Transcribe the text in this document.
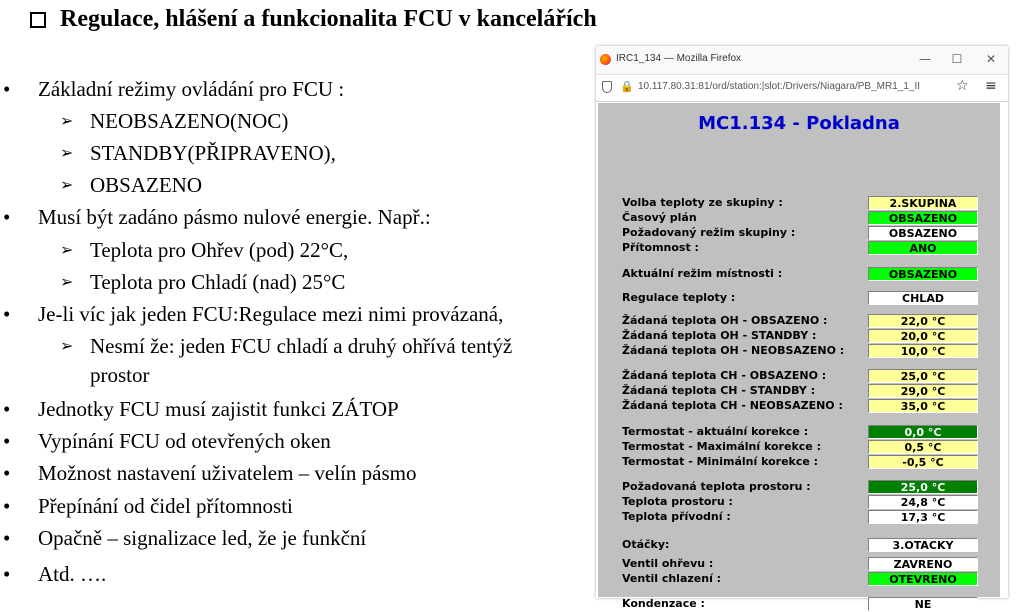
Regulace, hlášení a funkcionalita FCU v kancelářích
•	Základní režimy ovládání pro FCU :
➢ NEOBSAZENO(NOC)
➢ STANDBY(PŘIPRAVENO),
➢ OBSAZENO
•	Musí být zadáno pásmo nulové energie. Např.:
➢ Teplota pro Ohřev (pod) 22°C,
➢ Teplota pro Chladí (nad) 25°C
•	Je-li víc jak jeden FCU:Regulace mezi nimi provázaná,
➢ Nesmí že: jeden FCU chladí a druhý ohřívá tentýž
prostor
•	Jednotky FCU musí zajistit funkci ZÁTOP
•	Vypínání FCU od otevřených oken
•	Možnost nastavení uživatelem – velín pásmo
•	Přepínání od čidel přítomnosti
•	Opačně – signalizace led, že je funkční
•	Atd. ….
IRC1_134 — Mozilla Firefox	—	☐	✕
🔒 10.117.80.31:81/ord/station:|slot:/Drivers/Niagara/PB_MR1_1_II	☆ ≡
MC1.134 - Pokladna
Volba teploty ze skupiny :	2.SKUPINA
Časový plán	OBSAZENO
Požadovaný režim skupiny :	OBSAZENO
Přítomnost :	ANO
Aktuální režim místnosti :	OBSAZENO
Regulace teploty :	CHLAD
Žádaná teplota OH - OBSAZENO :	22,0 °C
Žádaná teplota OH - STANDBY :	20,0 °C
Žádaná teplota OH - NEOBSAZENO :	10,0 °C
Žádaná teplota CH - OBSAZENO :	25,0 °C
Žádaná teplota CH - STANDBY :	29,0 °C
Žádaná teplota CH - NEOBSAZENO :	35,0 °C
Termostat - aktuální korekce :	0,0 °C
Termostat - Maximální korekce :	0,5 °C
Termostat - Minimální korekce :	-0,5 °C
Požadovaná teplota prostoru :	25,0 °C
Teplota prostoru :	24,8 °C
Teplota přívodní :	17,3 °C
Otáčky:	3.OTACKY
Ventil ohřevu :	ZAVRENO
Ventil chlazení :	OTEVRENO
Kondenzace :	NE
